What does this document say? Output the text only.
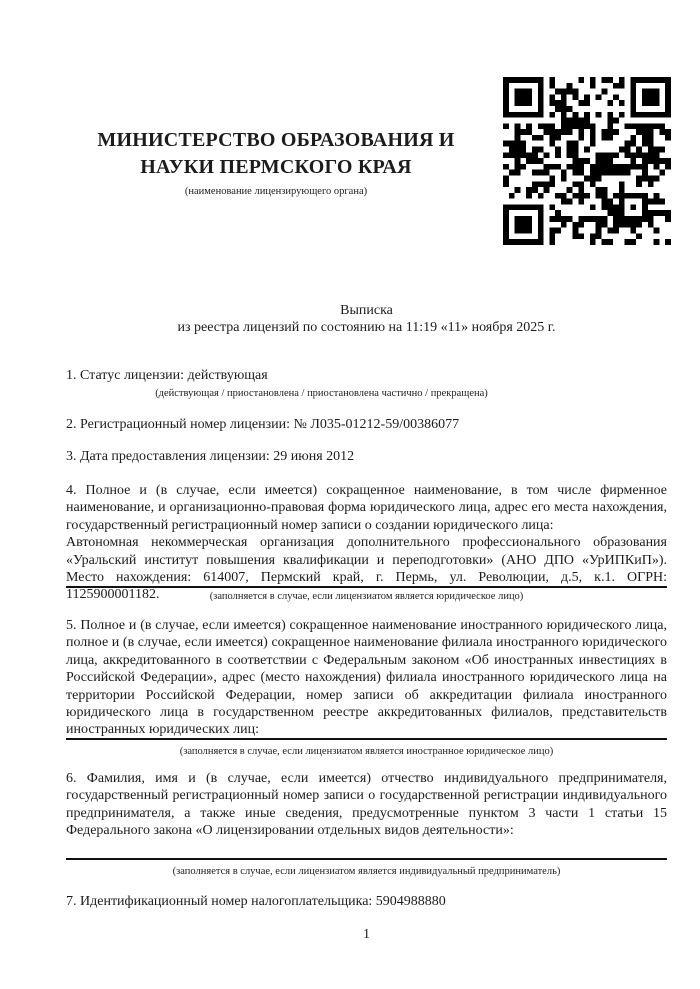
МИНИСТЕРСТВО ОБРАЗОВАНИЯ И НАУКИ ПЕРМСКОГО КРАЯ
(наименование лицензирующего органа)
Выписка
из реестра лицензий по состоянию на 11:19 «11» ноября 2025 г.
1. Статус лицензии: действующая
(действующая / приостановлена / приостановлена частично / прекращена)
2. Регистрационный номер лицензии: № Л035-01212-59/00386077
3. Дата предоставления лицензии: 29 июня 2012

4. Полное и (в случае, если имеется) сокращенное наименование, в том числе фирменное наименование, и организационно-правовая форма юридического лица, адрес его места нахождения, государственный регистрационный номер записи о создании юридического лица:

Автономная некоммерческая организация дополнительного профессионального образования «Уральский институт повышения квалификации и переподготовки» (АНО ДПО «УрИПКиП»). Место нахождения: 614007, Пермский край, г. Пермь, ул. Революции, д.5, к.1. ОГРН: 1125900001182.	(заполняется в случае, если лицензиатом является юридическое лицо)
5. Полное и (в случае, если имеется) сокращенное наименование иностранного юридического лица, полное и (в случае, если имеется) сокращенное наименование филиала иностранного юридического лица, аккредитованного в соответствии с Федеральным законом «Об иностранных инвестициях в Российской Федерации», адрес (место нахождения) филиала иностранного юридического лица на территории Российской Федерации, номер записи об аккредитации филиала иностранного юридического лица в государственном реестре аккредитованных филиалов, представительств иностранных юридических лиц:
(заполняется в случае, если лицензиатом является иностранное юридическое лицо)
6. Фамилия, имя и (в случае, если имеется) отчество индивидуального предпринимателя, государственный регистрационный номер записи о государственной регистрации индивидуального предпринимателя, а также иные сведения, предусмотренные пунктом 3 части 1 статьи 15 Федерального закона «О лицензировании отдельных видов деятельности»:
(заполняется в случае, если лицензиатом является индивидуальный предприниматель)
7. Идентификационный номер налогоплательщика: 5904988880
1
